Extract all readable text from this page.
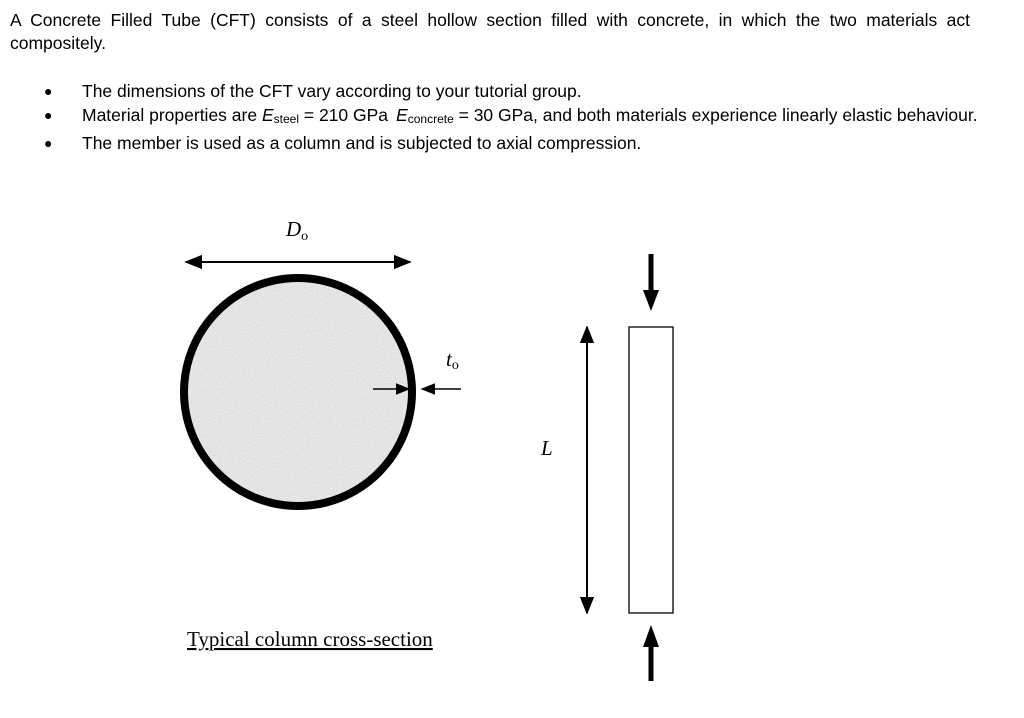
A Concrete Filled Tube (CFT) consists of a steel hollow section filled with concrete, in which the two materials act compositely.

● The dimensions of the CFT vary according to your tutorial group.
● Material properties are Esteel = 210 GPa Econcrete = 30 GPa, and both materials experience linearly elastic behaviour.
● The member is used as a column and is subjected to axial compression.
Do
to
Typical column cross-section
L
